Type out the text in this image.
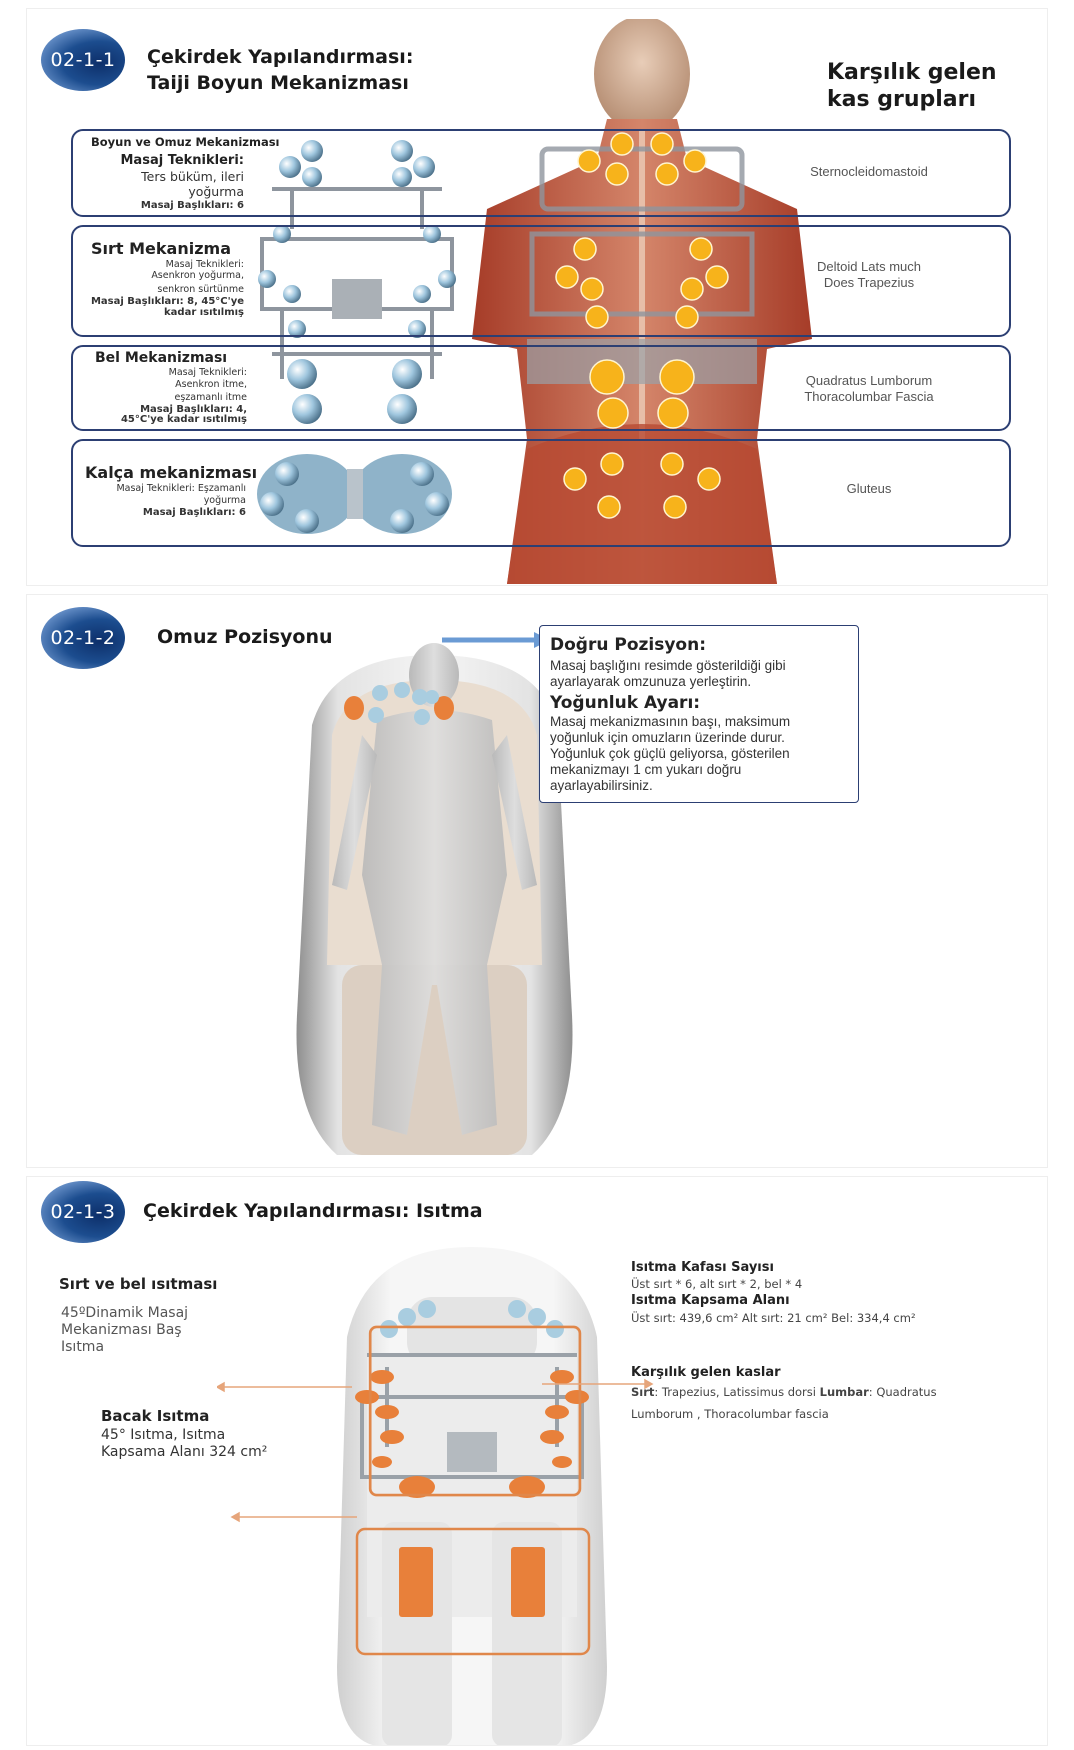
02-1-1	Çekirdek Yapılandırması:
Taiji Boyun Mekanizması	Karşılık gelen
kas grupları
Boyun ve Omuz Mekanizması
Masaj Teknikleri:
Ters büküm, ileri
yoğurma
Masaj Başlıkları: 6
Sternocleidomastoid
Sırt Mekanizma
Masaj Teknikleri:
Asenkron yoğurma,
senkron sürtünme
Masaj Başlıkları: 8, 45°C'ye
kadar ısıtılmış
Deltoid Lats much
Does Trapezius
Bel Mekanizması
Masaj Teknikleri:
Asenkron itme,
eşzamanlı itme
Masaj Başlıkları: 4,
45°C'ye kadar ısıtılmış
Quadratus Lumborum
Thoracolumbar Fascia
Kalça mekanizması
Masaj Teknikleri: Eşzamanlı
yoğurma
Masaj Başlıkları: 6
Gluteus
02-1-2	Omuz Pozisyonu	Doğru Pozisyon:
Masaj başlığını resimde gösterildiği gibi
ayarlayarak omzunuza yerleştirin.
Yoğunluk Ayarı:
Masaj mekanizmasının başı, maksimum
yoğunluk için omuzların üzerinde durur.
Yoğunluk çok güçlü geliyorsa, gösterilen
mekanizmayı 1 cm yukarı doğru
ayarlayabilirsiniz.
02-1-3	Çekirdek Yapılandırması: Isıtma
Sırt ve bel ısıtması
45ºDinamik Masaj
Mekanizması Baş
Isıtma
Bacak Isıtma
45° Isıtma, Isıtma
Kapsama Alanı 324 cm²
Isıtma Kafası Sayısı
Üst sırt * 6, alt sırt * 2, bel * 4
Isıtma Kapsama Alanı
Üst sırt: 439,6 cm² Alt sırt: 21 cm² Bel: 334,4 cm²
Karşılık gelen kaslar
Sırt: Trapezius, Latissimus dorsi Lumbar: Quadratus
Lumborum , Thoracolumbar fascia
